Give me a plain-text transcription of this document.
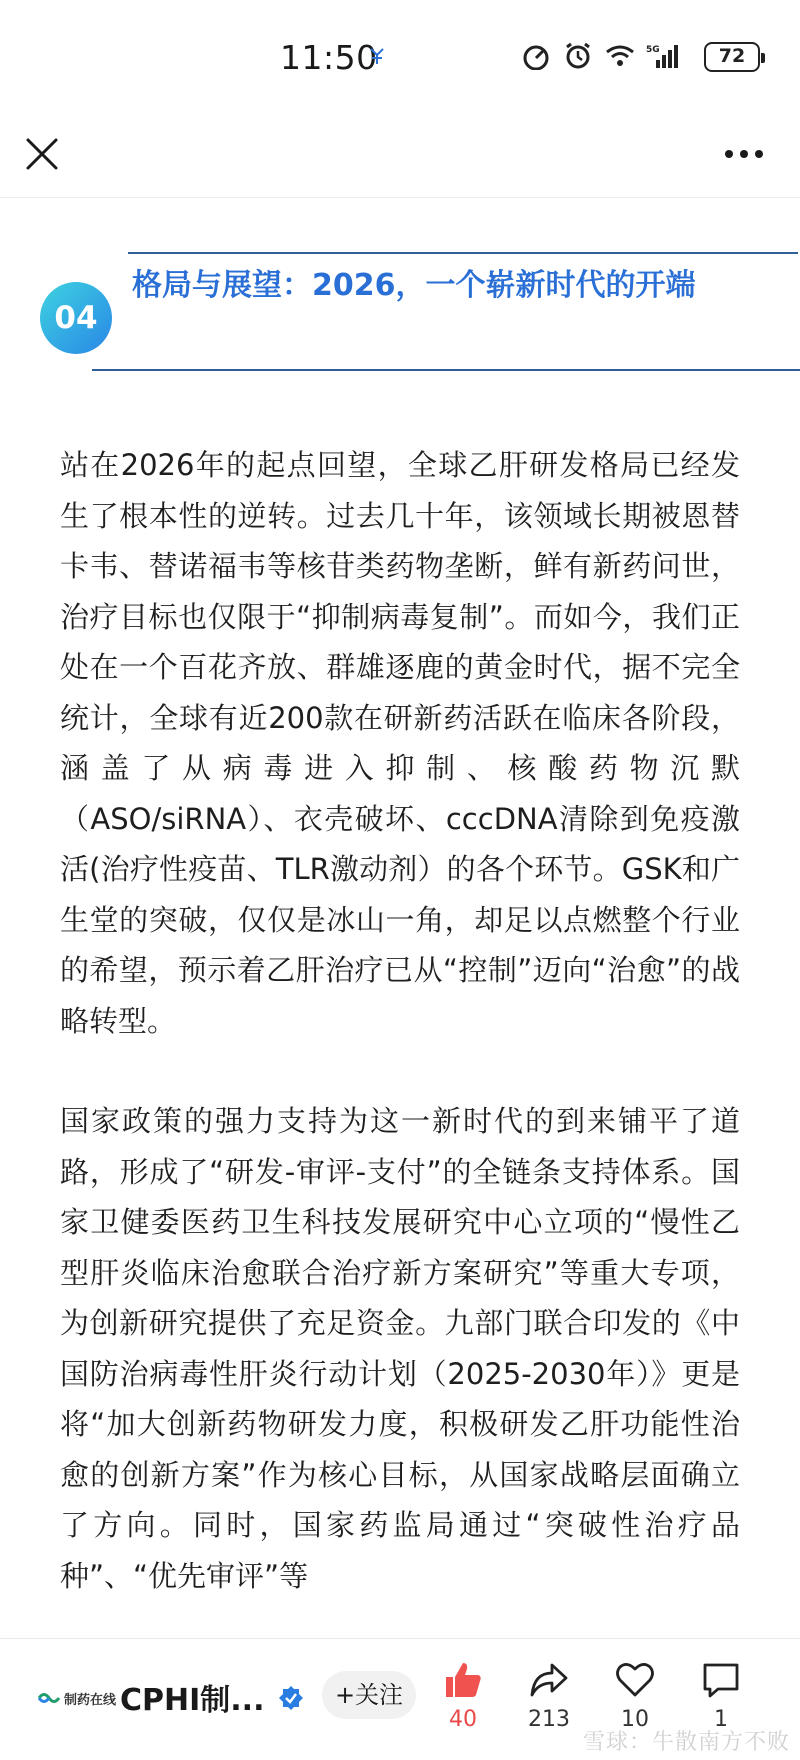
11:50	5G	72
04
格局与展望：2026，一个崭新时代的开端

站在2026年的起点回望，全球乙肝研发格局已经发生了根本性的逆转。过去几十年，该领域长期被恩替卡韦、替诺福韦等核苷类药物垄断，鲜有新药问世，治疗目标也仅限于“抑制病毒复制”。而如今，我们正处在一个百花齐放、群雄逐鹿的黄金时代，据不完全统计，全球有近200款在研新药活跃在临床各阶段，涵盖了从病毒进入抑制、核酸药物沉默（ASO/siRNA）、衣壳破坏、cccDNA清除到免疫激活(治疗性疫苗、TLR激动剂）的各个环节。GSK和广生堂的突破，仅仅是冰山一角，却足以点燃整个行业的希望，预示着乙肝治疗已从“控制”迈向“治愈”的战略转型。

国家政策的强力支持为这一新时代的到来铺平了道路，形成了“研发-审评-支付”的全链条支持体系。国家卫健委医药卫生科技发展研究中心立项的“慢性乙型肝炎临床治愈联合治疗新方案研究”等重大专项，为创新研究提供了充足资金。九部门联合印发的《中国防治病毒性肝炎行动计划（2025-2030年）》更是将“加大创新药物研发力度，积极研发乙肝功能性治愈的创新方案”作为核心目标，从国家战略层面确立了方向。同时，国家药监局通过“突破性治疗品种”、“优先审评”等

制药在线 CPHI制...	+关注
40	213	10	1
雪球：牛散南方不败
